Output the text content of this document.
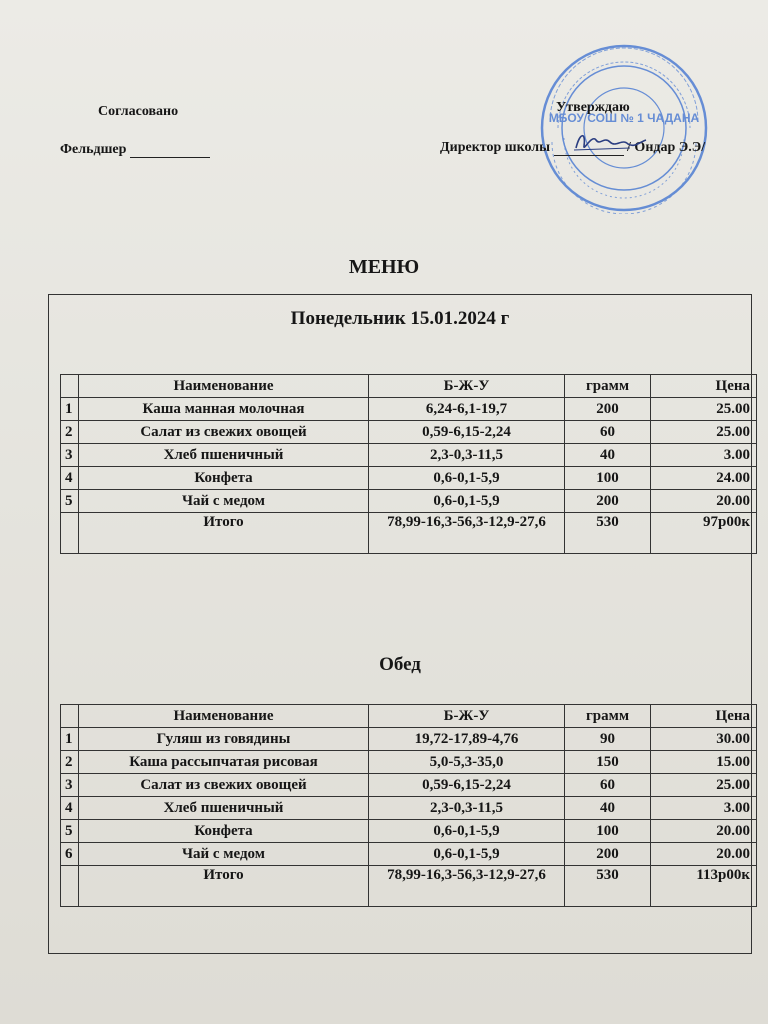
Согласовано
Фельдшер
МБОУ СОШ № 1 ЧАДАНА
Утверждаю
Директор школы	/ Ондар Э.Э/
МЕНЮ
Понедельник 15.01.2024 г
	Наименование	Б-Ж-У	грамм	Цена
1	Каша манная молочная	6,24-6,1-19,7	200	25.00
2	Салат из свежих овощей	0,59-6,15-2,24	60	25.00
3	Хлеб пшеничный	2,3-0,3-11,5	40	3.00
4	Конфета	0,6-0,1-5,9	100	24.00
5	Чай с медом	0,6-0,1-5,9	200	20.00
	Итого	78,99-16,3-56,3-12,9-27,6	530	97р00к
Обед
	Наименование	Б-Ж-У	грамм	Цена
1	Гуляш из говядины	19,72-17,89-4,76	90	30.00
2	Каша рассыпчатая рисовая	5,0-5,3-35,0	150	15.00
3	Салат из свежих овощей	0,59-6,15-2,24	60	25.00
4	Хлеб пшеничный	2,3-0,3-11,5	40	3.00
5	Конфета	0,6-0,1-5,9	100	20.00
6	Чай с медом	0,6-0,1-5,9	200	20.00
	Итого	78,99-16,3-56,3-12,9-27,6	530	113р00к
